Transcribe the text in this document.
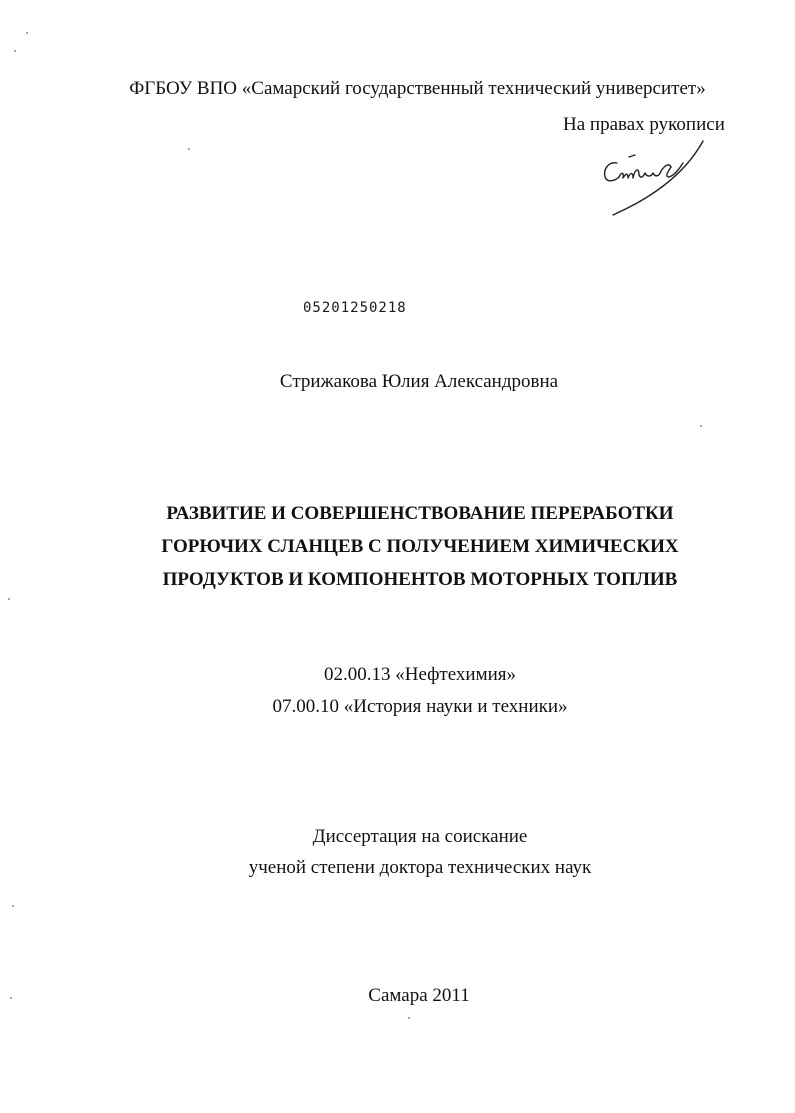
ФГБОУ ВПО «Самарский государственный технический университет»
На правах рукописи
05201250218
Стрижакова Юлия Александровна
РАЗВИТИЕ И СОВЕРШЕНСТВОВАНИЕ ПЕРЕРАБОТКИ
ГОРЮЧИХ СЛАНЦЕВ С ПОЛУЧЕНИЕМ ХИМИЧЕСКИХ
ПРОДУКТОВ И КОМПОНЕНТОВ МОТОРНЫХ ТОПЛИВ
02.00.13 «Нефтехимия»
07.00.10 «История науки и техники»
Диссертация на соискание
ученой степени доктора технических наук
Самара 2011
